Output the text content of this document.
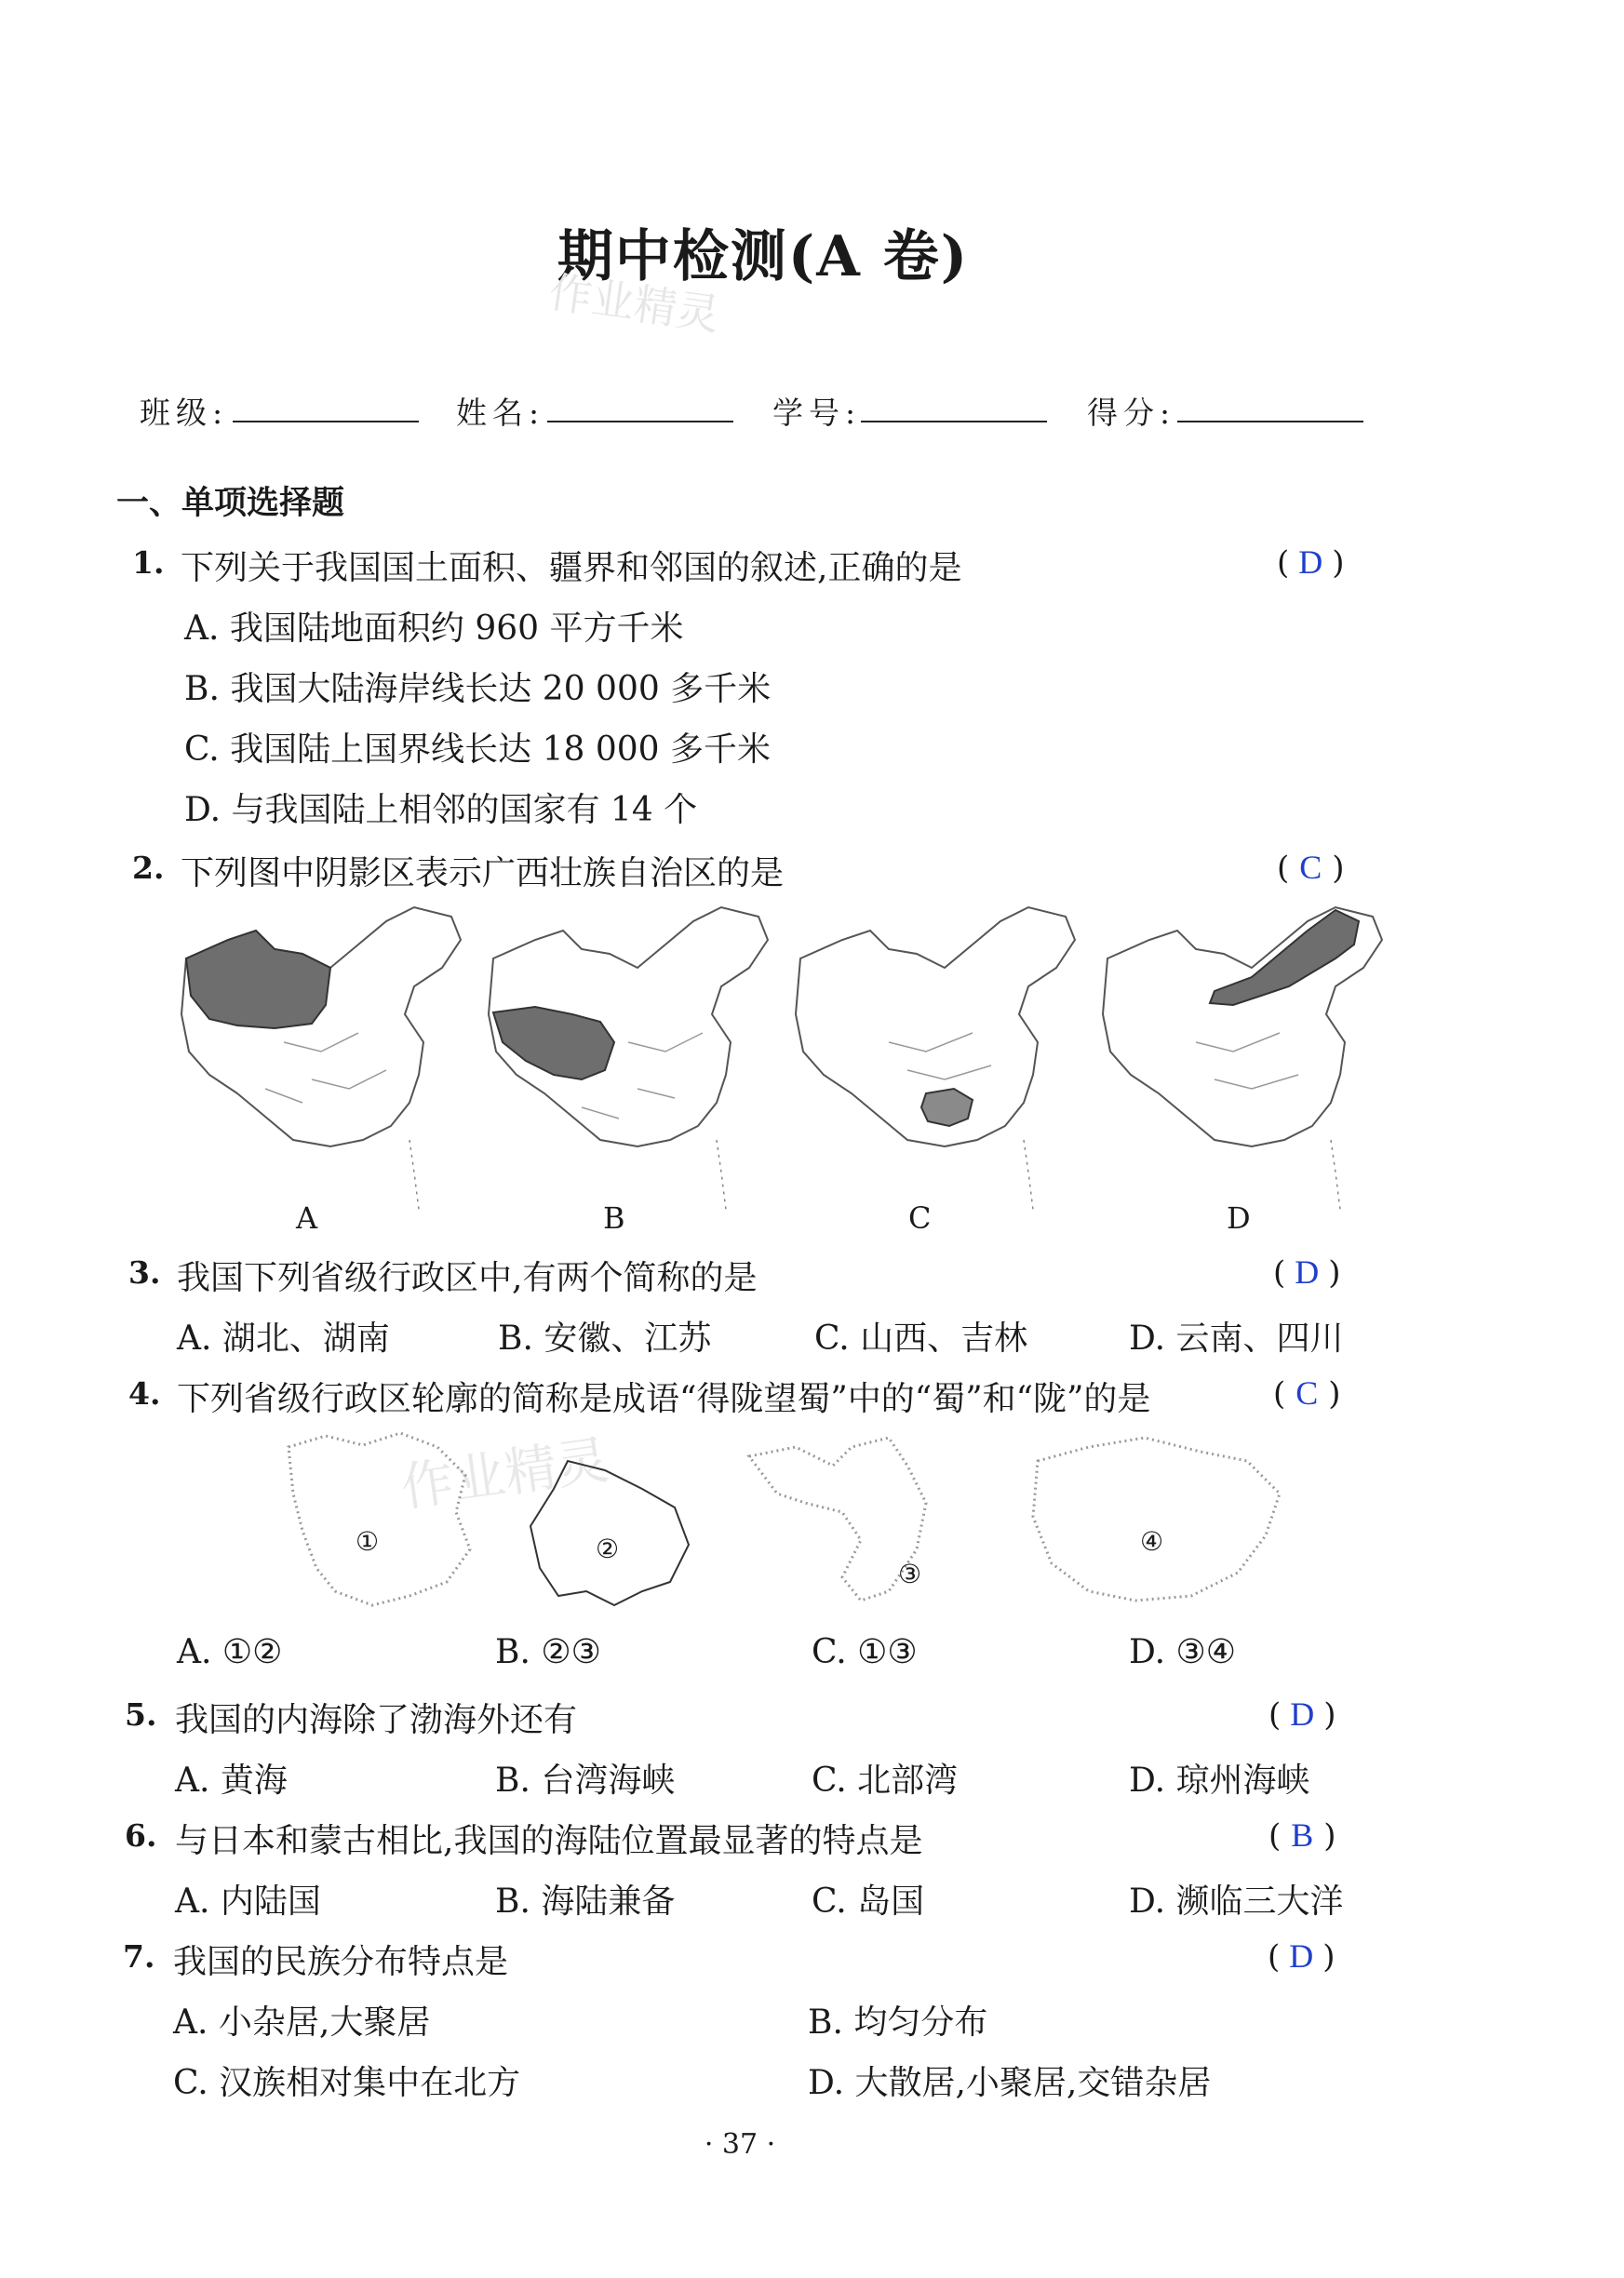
期中检测(A 卷)
作业精灵
班级:	姓名:	学号:	得分:
一、单项选择题
1. 下列关于我国国土面积、疆界和邻国的叙述,正确的是	( D )
A. 我国陆地面积约 960 平方千米
B. 我国大陆海岸线长达 20 000 多千米
C. 我国陆上国界线长达 18 000 多千米
D. 与我国陆上相邻的国家有 14 个
2. 下列图中阴影区表示广西壮族自治区的是	( C )
A	B	C	D
3. 我国下列省级行政区中,有两个简称的是	( D )
A. 湖北、湖南	B. 安徽、江苏	C. 山西、吉林	D. 云南、四川
4. 下列省级行政区轮廓的简称是成语“得陇望蜀”中的“蜀”和“陇”的是	( C )
作业精灵
①	②
③
④
A. ①②	B. ②③	C. ①③	D. ③④
5. 我国的内海除了渤海外还有	( D )
A. 黄海	B. 台湾海峡	C. 北部湾	D. 琼州海峡
6. 与日本和蒙古相比,我国的海陆位置最显著的特点是	( B )
A. 内陆国	B. 海陆兼备	C. 岛国	D. 濒临三大洋
7. 我国的民族分布特点是	( D )
A. 小杂居,大聚居	B. 均匀分布
C. 汉族相对集中在北方	D. 大散居,小聚居,交错杂居
· 37 ·
